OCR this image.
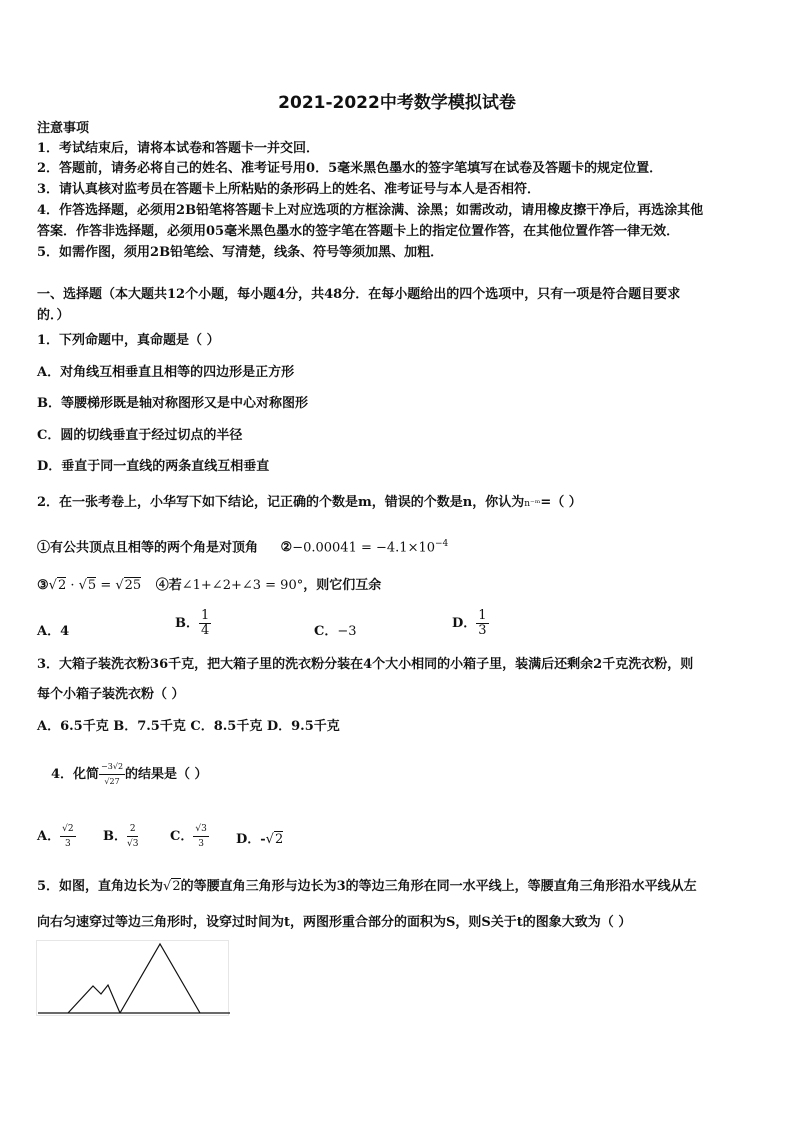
2021-2022中考数学模拟试卷
注意事项
1．考试结束后，请将本试卷和答题卡一并交回．
2．答题前，请务必将自己的姓名、准考证号用0．5毫米黑色墨水的签字笔填写在试卷及答题卡的规定位置．
3．请认真核对监考员在答题卡上所粘贴的条形码上的姓名、准考证号与本人是否相符．
4．作答选择题，必须用2B铅笔将答题卡上对应选项的方框涂满、涂黑；如需改动，请用橡皮擦干净后，再选涂其他
答案．作答非选择题，必须用05毫米黑色墨水的签字笔在答题卡上的指定位置作答，在其他位置作答一律无效．
5．如需作图，须用2B铅笔绘、写清楚，线条、符号等须加黑、加粗．
一、选择题（本大题共12个小题，每小题4分，共48分．在每小题给出的四个选项中，只有一项是符合题目要求
的．）
1．下列命题中，真命题是（ ）
A．对角线互相垂直且相等的四边形是正方形
B．等腰梯形既是轴对称图形又是中心对称图形
C．圆的切线垂直于经过切点的半径
D．垂直于同一直线的两条直线互相垂直
2．在一张考卷上，小华写下如下结论，记正确的个数是m，错误的个数是n，你认为n⁻ᵐ=（ ）
①有公共顶点且相等的两个角是对顶角 ②−0.00041 = $-4.1\times 10^{-4}$
③√2 · √5 = √25 ④若∠1+∠2+∠3 = 90°，则它们互余
A．4
B． $\frac{1}{4}$	C．−3
D． $\frac{1}{3}$
3．大箱子装洗衣粉36千克，把大箱子里的洗衣粉分装在4个大小相同的小箱子里，装满后还剩余2千克洗衣粉，则
每个小箱子装洗衣粉（ ）
A．6.5千克 B．7.5千克 C．8.5千克 D．9.5千克
4．化简 $\frac{-3√2}{√27}$ 的结果是（ ）
A． $\frac{√2}{3}$ B． $\frac{2}{√3}$ C． $\frac{√3}{3}$ D．-√2
5．如图，直角边长为√2的等腰直角三角形与边长为3的等边三角形在同一水平线上，等腰直角三角形沿水平线从左
向右匀速穿过等边三角形时，设穿过时间为t，两图形重合部分的面积为S，则S关于t的图象大致为（ ）
